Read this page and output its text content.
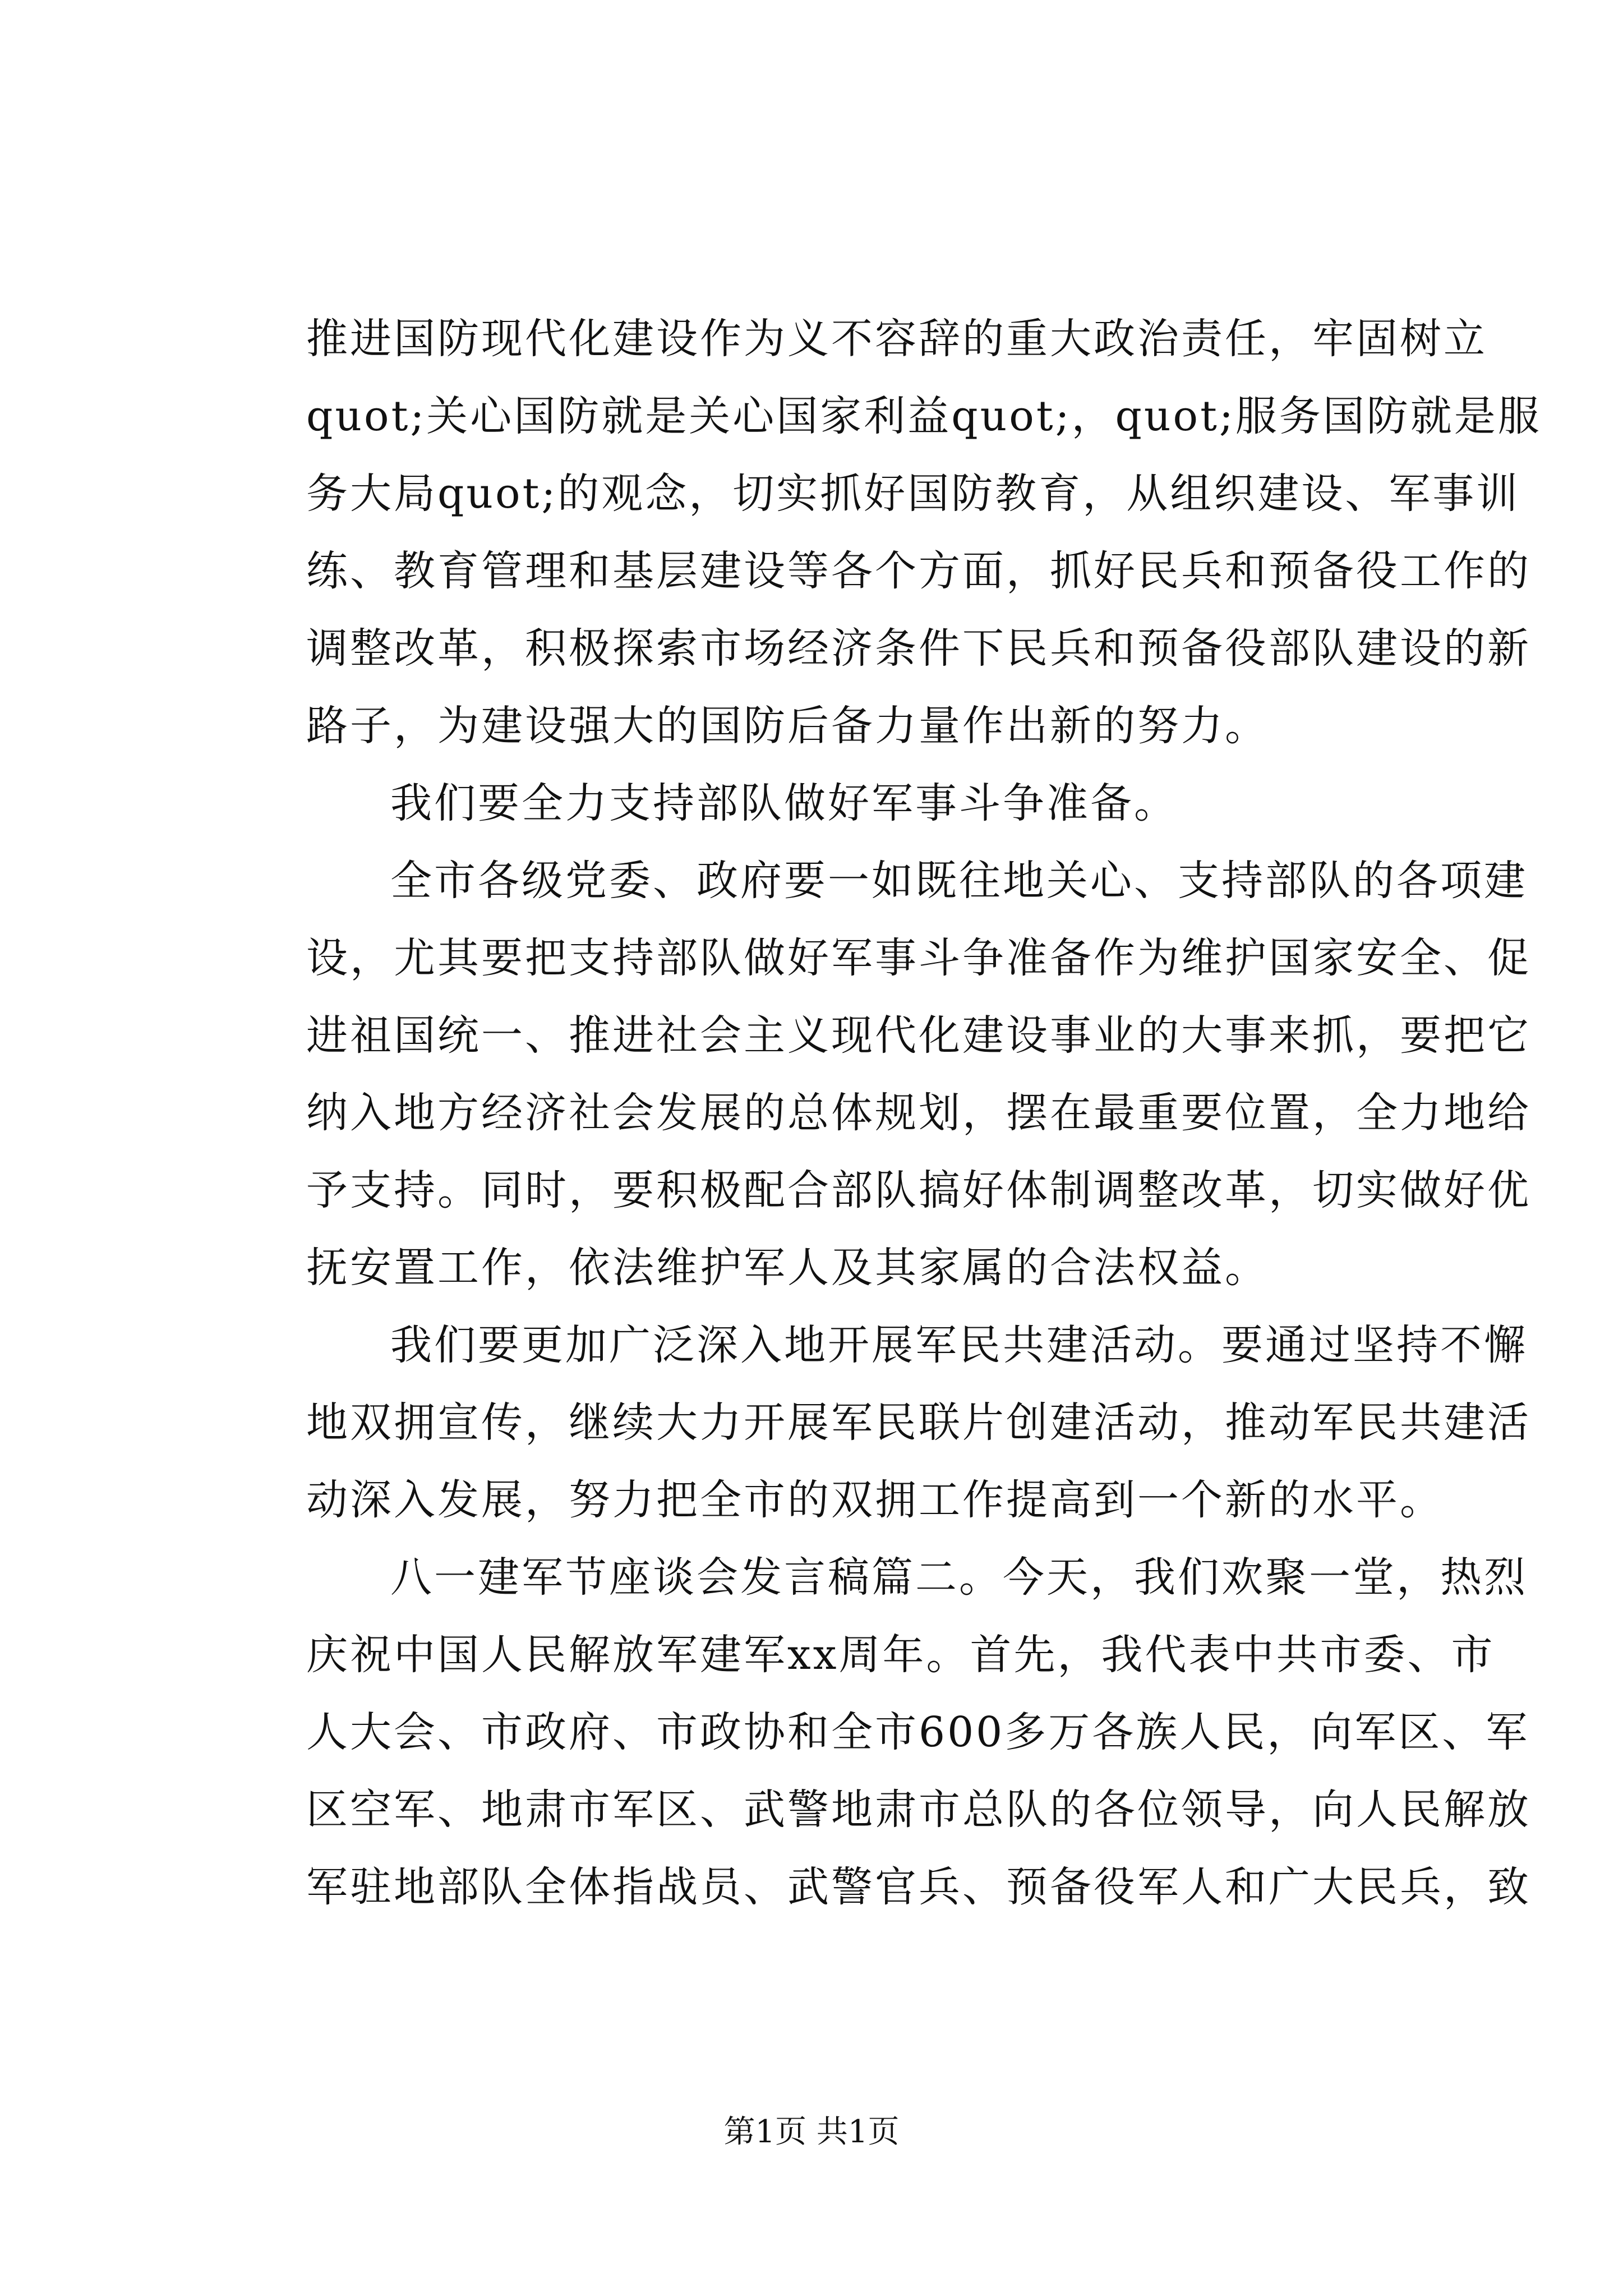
推进国防现代化建设作为义不容辞的重大政治责任，牢固树立
quot;关心国防就是关心国家利益quot;，quot;服务国防就是服
务大局quot;的观念，切实抓好国防教育，从组织建设、军事训
练、教育管理和基层建设等各个方面，抓好民兵和预备役工作的
调整改革，积极探索市场经济条件下民兵和预备役部队建设的新
路子，为建设强大的国防后备力量作出新的努力。
我们要全力支持部队做好军事斗争准备。
全市各级党委、政府要一如既往地关心、支持部队的各项建
设，尤其要把支持部队做好军事斗争准备作为维护国家安全、促
进祖国统一、推进社会主义现代化建设事业的大事来抓，要把它
纳入地方经济社会发展的总体规划，摆在最重要位置，全力地给
予支持。同时，要积极配合部队搞好体制调整改革，切实做好优
抚安置工作，依法维护军人及其家属的合法权益。
我们要更加广泛深入地开展军民共建活动。要通过坚持不懈
地双拥宣传，继续大力开展军民联片创建活动，推动军民共建活
动深入发展，努力把全市的双拥工作提高到一个新的水平。
八一建军节座谈会发言稿篇二。今天，我们欢聚一堂，热烈
庆祝中国人民解放军建军xx周年。首先，我代表中共市委、市
人大会、市政府、市政协和全市600多万各族人民，向军区、军
区空军、地肃市军区、武警地肃市总队的各位领导，向人民解放
军驻地部队全体指战员、武警官兵、预备役军人和广大民兵，致
第1页 共1页
